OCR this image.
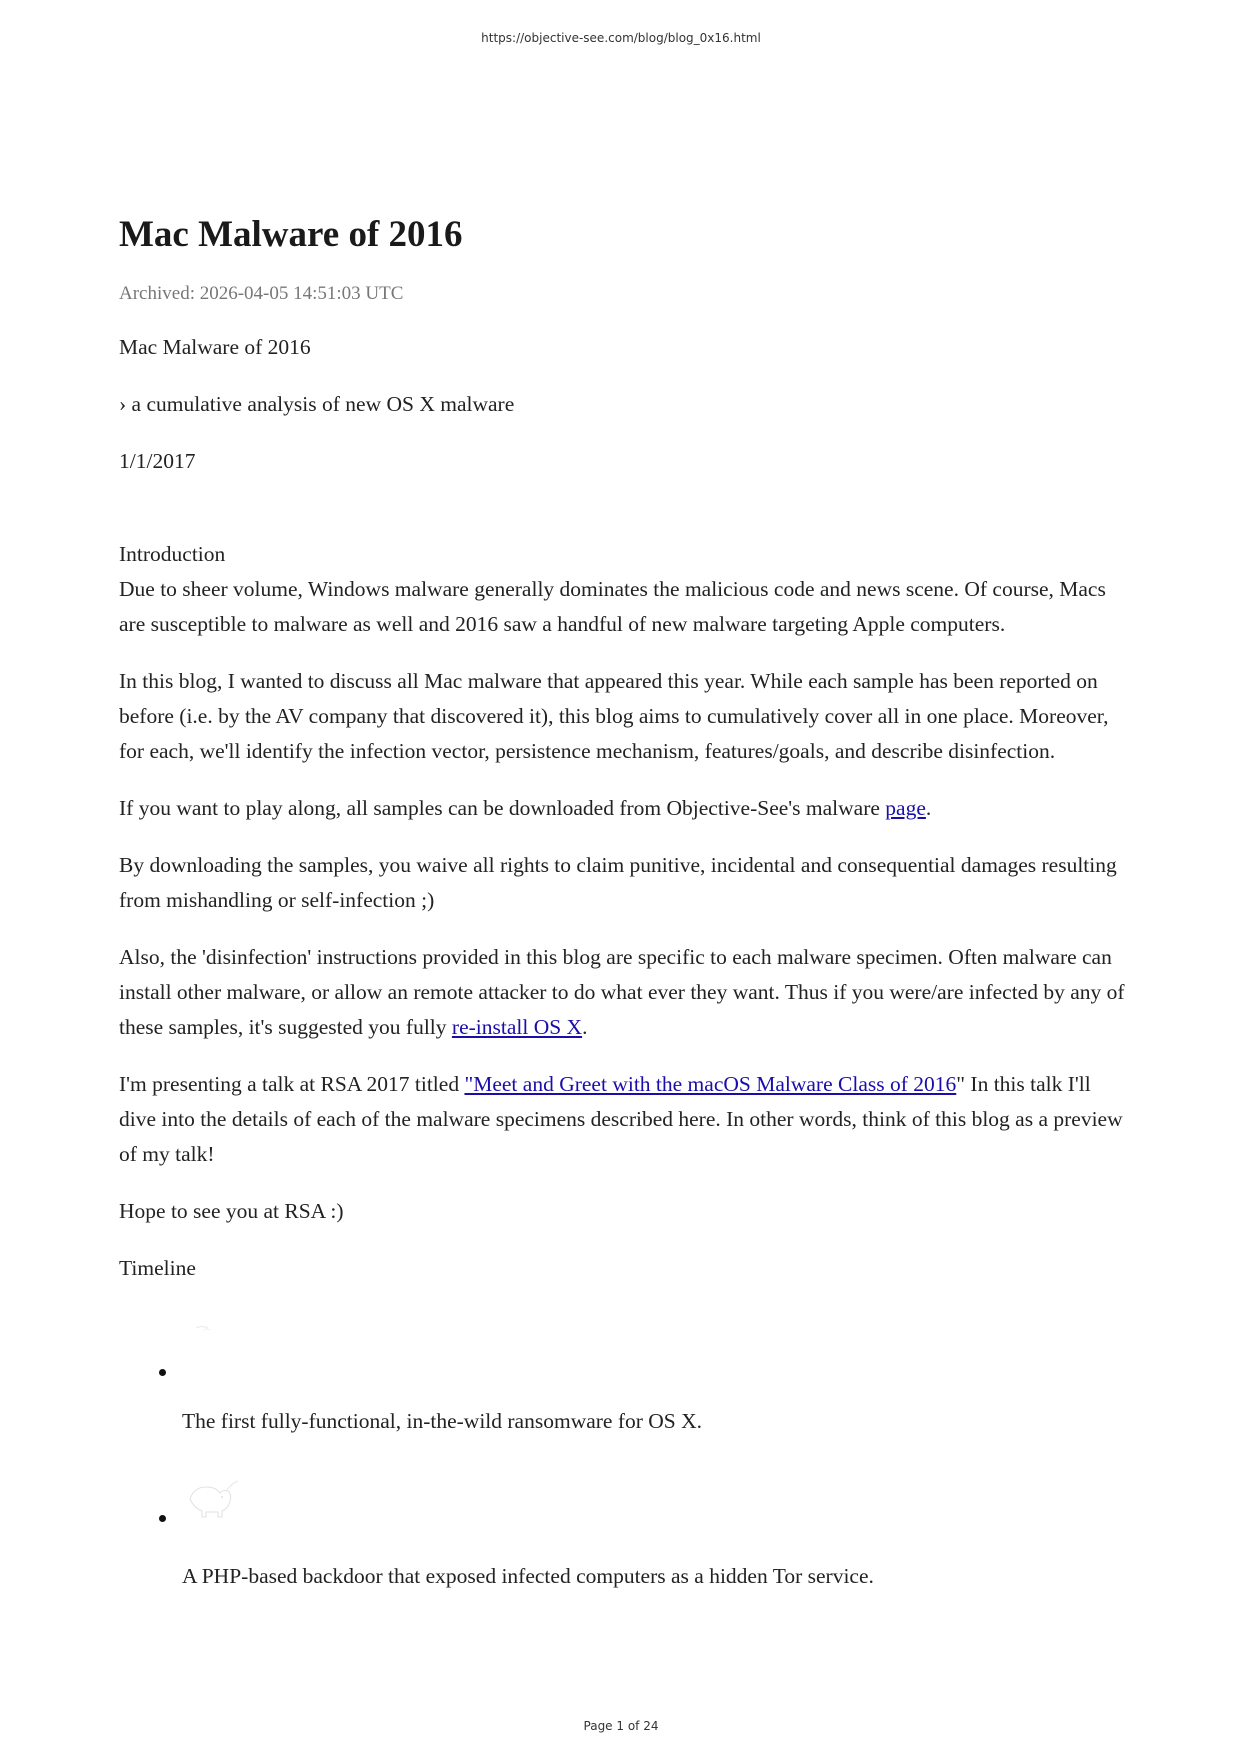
https://objective-see.com/blog/blog_0x16.html
Mac Malware of 2016
Archived: 2026-04-05 14:51:03 UTC

Mac Malware of 2016

› a cumulative analysis of new OS X malware

1/1/2017

Introduction

Due to sheer volume, Windows malware generally dominates the malicious code and news scene. Of course, Macs are susceptible to malware as well and 2016 saw a handful of new malware targeting Apple computers.

In this blog, I wanted to discuss all Mac malware that appeared this year. While each sample has been reported on before (i.e. by the AV company that discovered it), this blog aims to cumulatively cover all in one place. Moreover, for each, we'll identify the infection vector, persistence mechanism, features/goals, and describe disinfection.

If you want to play along, all samples can be downloaded from Objective-See's malware page.

By downloading the samples, you waive all rights to claim punitive, incidental and consequential damages resulting from mishandling or self-infection ;)

Also, the 'disinfection' instructions provided in this blog are specific to each malware specimen. Often malware can install other malware, or allow an remote attacker to do what ever they want. Thus if you were/are infected by any of these samples, it's suggested you fully re-install OS X.

I'm presenting a talk at RSA 2017 titled "Meet and Greet with the macOS Malware Class of 2016" In this talk I'll dive into the details of each of the malware specimens described here. In other words, think of this blog as a preview of my talk!

Hope to see you at RSA :)

Timeline

The first fully-functional, in-the-wild ransomware for OS X.

A PHP-based backdoor that exposed infected computers as a hidden Tor service.

Page 1 of 24
